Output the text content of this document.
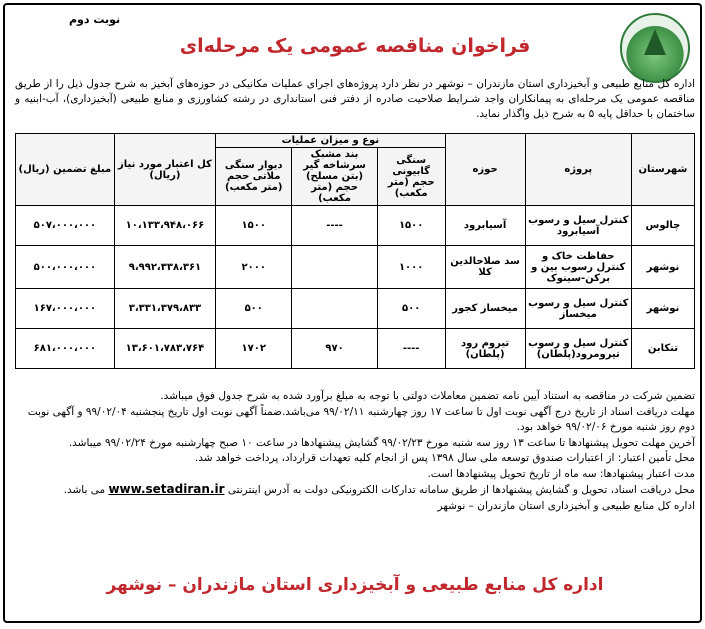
نوبت دوم
فراخوان مناقصه عمومی یک مرحله‌ای
اداره کل منابع طبیعی و آبخیزداری استان مازندران – نوشهر در نظر دارد پروژه‌های اجرای عملیات مکانیکی در حوزه‌های آبخیز به شرح جدول ذیل را از طریق مناقصه عمومی یک مرحله‌ای به پیمانکاران واجد شـرایط صلاحیت صادره از دفتر فنی استانداری در رشته کشاورزی و منابع طبیعی (آبخیزداری)، آب-ابنیه و ساختمان با حداقل پایه ۵ به شرح ذیل واگذار نماید.
شهرستان	پروژه	حوزه	نوع و میزان عملیات			کل اعتبار مورد نیاز (ریال)	مبلغ تضمین (ریال)
			سنگی گابیونی حجم (متر مکعب)	بند مشبک سرشاخه گیر (بتن مسلح) حجم (متر مکعب)	دیوار سنگی ملاتی حجم (متر مکعب)		
چالوس	کنترل سیل و رسوب آسیابرود	آسیابرود	۱۵۰۰	----	۱۵۰۰	۱۰،۱۳۳،۹۴۸،۰۶۶	۵۰۷،۰۰۰،۰۰۰
نوشهر	حفاظت خاک و کنترل رسوب بین و برکن-سینوک	سد صلاحالدین کلا	۱۰۰۰		۲۰۰۰	۹،۹۹۲،۳۳۸،۳۶۱	۵۰۰،۰۰۰،۰۰۰
نوشهر	کنترل سیل و رسوب میخساز	میخساز کجور	۵۰۰		۵۰۰	۳،۳۳۱،۳۷۹،۸۳۳	۱۶۷،۰۰۰،۰۰۰
تنکابن	کنترل سیل و رسوب تیرومرود(پلطان)	تیروم رود (پلطان)	----	۹۷۰	۱۷۰۲	۱۳،۶۰۱،۷۸۳،۷۶۴	۶۸۱،۰۰۰،۰۰۰

تضمین شرکت در مناقصه به استناد آیین نامه تضمین معاملات دولتی با توجه به مبلغ برآورد شده به شرح جدول فوق میباشد.

مهلت دریافت اسناد از تاریخ درج آگهی نوبت اول تا ساعت ۱۷ روز چهارشنبه ۹۹/۰۲/۱۱ می‌باشد.ضمناً آگهی نوبت اول تاریخ پنجشنبه ۹۹/۰۲/۰۴ و آگهی نوبت دوم روز شنبه مورخ ۹۹/۰۲/۰۶ خواهد بود.

آخرین مهلت تحویل پیشنهادها تا ساعت ۱۳ روز سه شنبه مورخ ۹۹/۰۲/۲۳ گشایش پیشنهادها در ساعت ۱۰ صبح چهارشنبه مورخ ۹۹/۰۲/۲۴ میباشد.

محل تأمین اعتبار: از اعتبارات صندوق توسعه ملی سال ۱۳۹۸ پس از انجام کلیه تعهدات قرارداد، پرداخت خواهد شد.

مدت اعتبار پیشنهادها: سه ماه از تاریخ تحویل پیشنهادها است.

محل دریافت اسناد، تحویل و گشایش پیشنهادها از طریق سامانه تدارکات الکترونیکی دولت به آدرس اینترنتی www.setadiran.ir می باشد.

اداره کل منابع طبیعی و آبخیزداری استان مازندران – نوشهر

اداره کل منابع طبیعی و آبخیزداری استان مازندران – نوشهر
